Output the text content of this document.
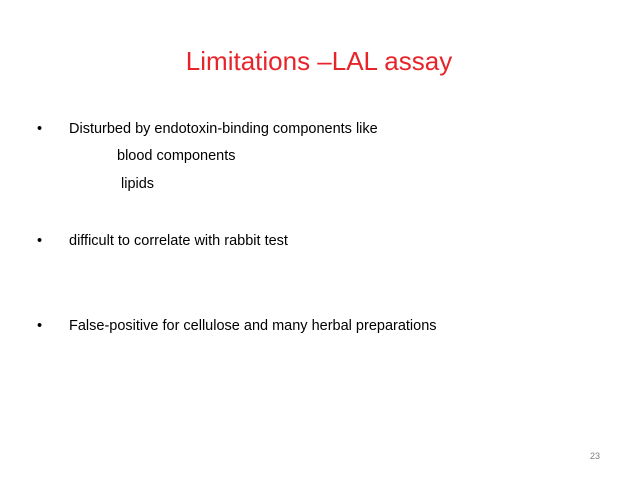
Limitations –LAL assay
• Disturbed by endotoxin-binding components like
blood components
lipids
• difficult to correlate with rabbit test
• False-positive for cellulose and many herbal preparations
23
